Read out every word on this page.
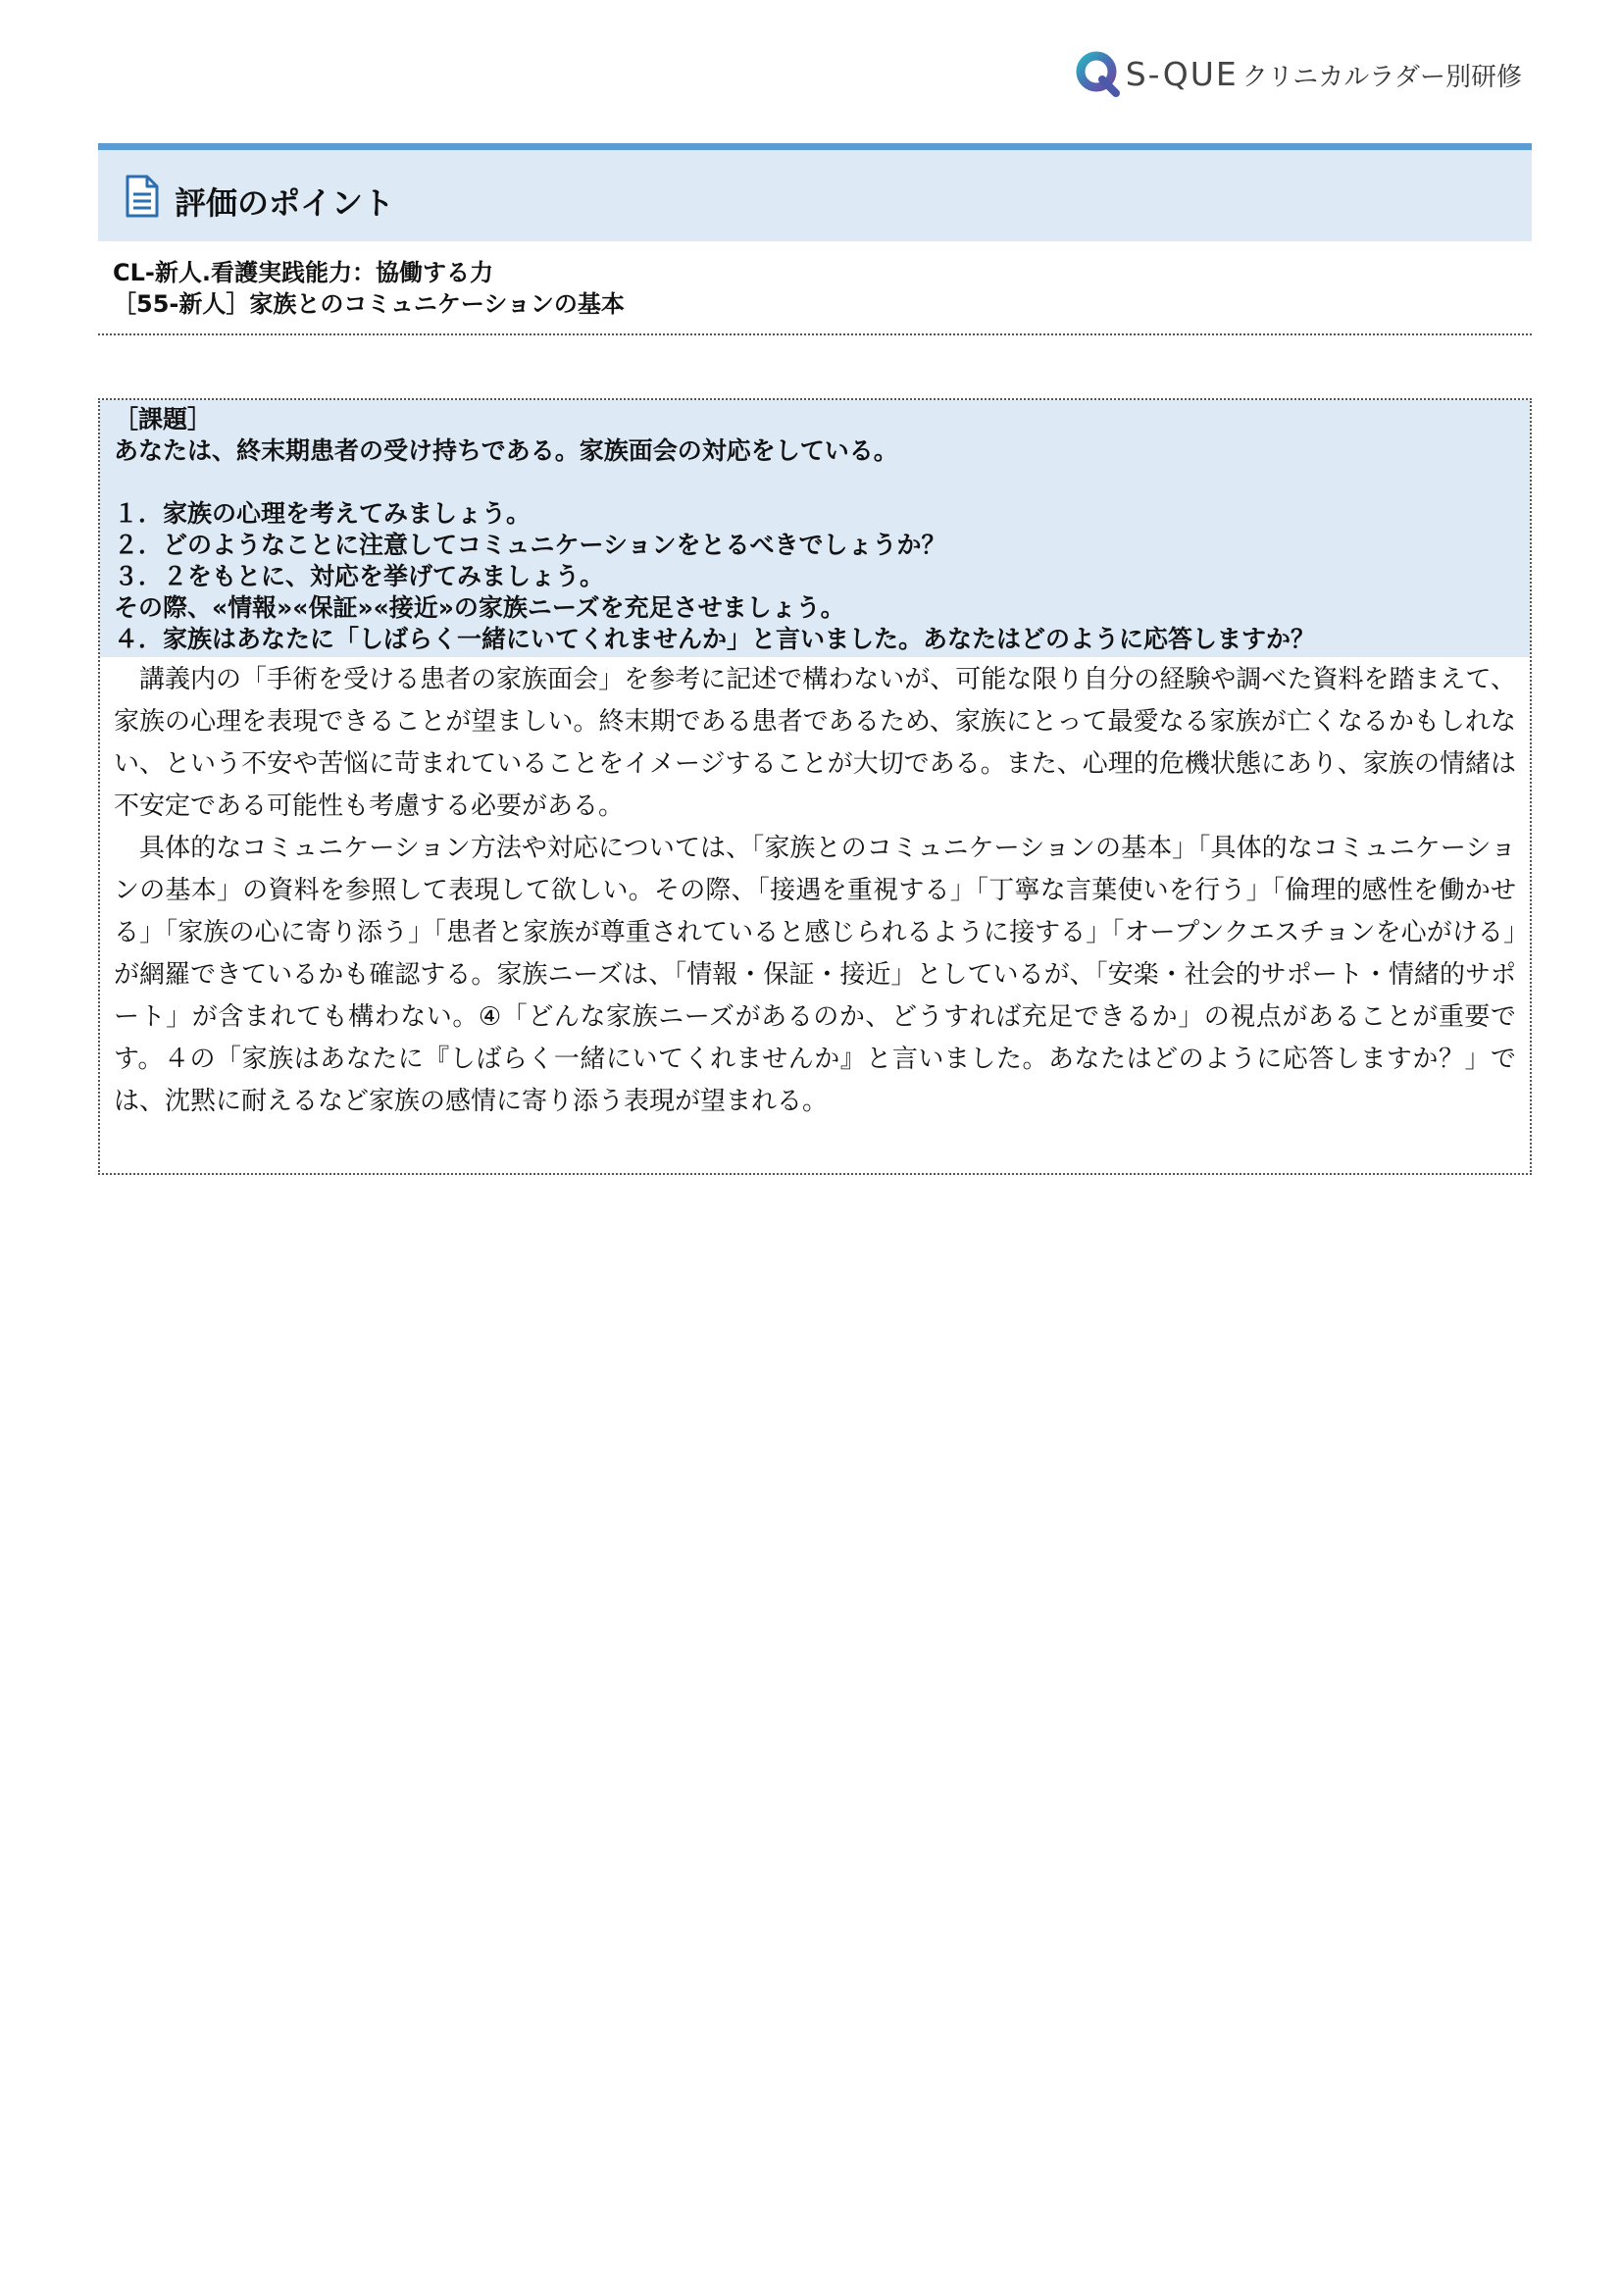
S-QUE クリニカルラダー別研修
評価のポイント
CL-新人.看護実践能力：協働する力
［55-新人］家族とのコミュニケーションの基本
［課題］
あなたは、終末期患者の受け持ちである。家族面会の対応をしている。
１．家族の心理を考えてみましょう。
２．どのようなことに注意してコミュニケーションをとるべきでしょうか？
３．２をもとに、対応を挙げてみましょう。
その際、«情報»«保証»«接近»の家族ニーズを充足させましょう。
４．家族はあなたに「しばらく一緒にいてくれませんか」と言いました。あなたはどのように応答しますか？

講義内の「手術を受ける患者の家族面会」を参考に記述で構わないが、可能な限り自分の経験や調べた資料を踏まえて、家族の心理を表現できることが望ましい。終末期である患者であるため、家族にとって最愛なる家族が亡くなるかもしれない、という不安や苦悩に苛まれていることをイメージすることが大切である。また、心理的危機状態にあり、家族の情緒は不安定である可能性も考慮する必要がある。

具体的なコミュニケーション方法や対応については、「家族とのコミュニケーションの基本」「具体的なコミュニケーションの基本」の資料を参照して表現して欲しい。その際、「接遇を重視する」「丁寧な言葉使いを行う」「倫理的感性を働かせる」「家族の心に寄り添う」「患者と家族が尊重されていると感じられるように接する」「オープンクエスチョンを心がける」が網羅できているかも確認する。家族ニーズは、「情報・保証・接近」としているが、「安楽・社会的サポート・情緒的サポート」が含まれても構わない。④「どんな家族ニーズがあるのか、どうすれば充足できるか」の視点があることが重要です。４の「家族はあなたに『しばらく一緒にいてくれませんか』と言いました。あなたはどのように応答しますか？」では、沈黙に耐えるなど家族の感情に寄り添う表現が望まれる。
